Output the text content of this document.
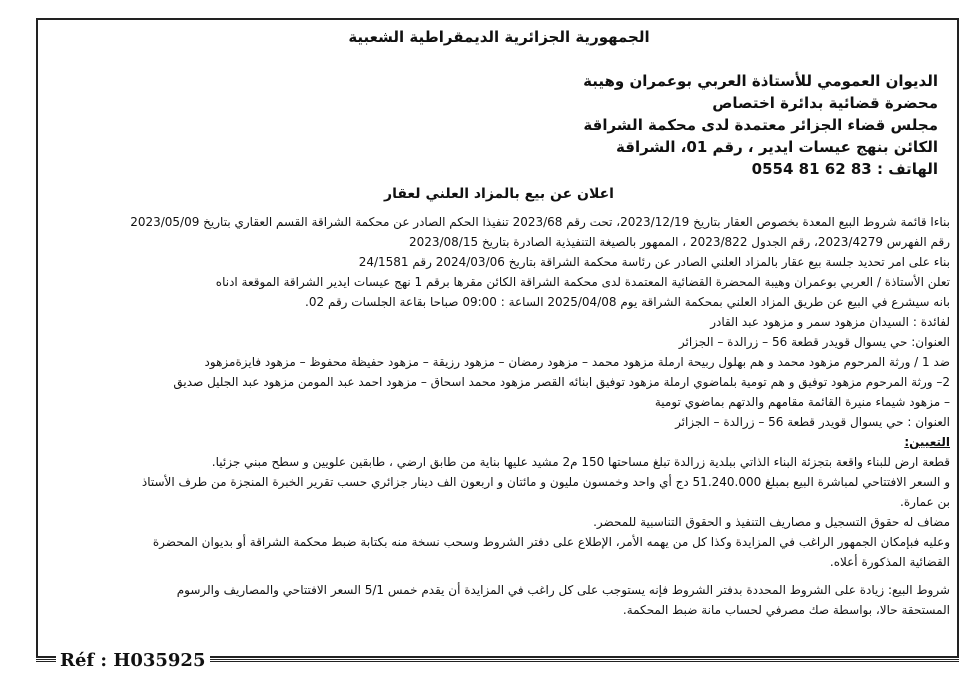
الجمهورية الجزائرية الديمقراطية الشعبية
الديوان العمومي للأستاذة العربي بوعمران وهيبة
محضرة قضائية بدائرة اختصاص
مجلس قضاء الجزائر معتمدة لدى محكمة الشراقة
الكائن بنهج عيسات ايدير ، رقم 01، الشراقة
الهاتف : 83 62 81 0554
اعلان عن بيع بالمزاد العلني لعقار
بناءا قائمة شروط البيع المعدة بخصوص العقار بتاريخ 2023/12/19، تحت رقم 2023/68 تنفيذا الحكم الصادر عن محكمة الشراقة القسم العقاري بتاريخ 2023/05/09
رقم الفهرس 2023/4279، رقم الجدول 2023/822 ، الممهور بالصيغة التنفيذية الصادرة بتاريخ 2023/08/15
بناء على امر تحديد جلسة بيع عقار بالمزاد العلني الصادر عن رئاسة محكمة الشراقة بتاريخ 2024/03/06 رقم 24/1581
تعلن الأستاذة / العربي بوعمران وهيبة المحضرة القضائية المعتمدة لدى محكمة الشراقة الكائن مقرها برقم 1 نهج عيسات ايدير الشراقة الموقعة ادناه
بانه سيشرع في البيع عن طريق المزاد العلني بمحكمة الشراقة يوم 2025/04/08 الساعة : 09:00 صباحا بقاعة الجلسات رقم 02.
لفائدة : السيدان مزهود سمر و مزهود عبد القادر
العنوان: حي يسوال قويدر قطعة 56 – زرالدة – الجزائر
ضد 1 / ورثة المرحوم مزهود محمد و هم بهلول ربيحة ارملة مزهود محمد – مزهود رمضان – مزهود رزيقة – مزهود حفيظة محفوظ – مزهود فايزةمزهود
2– ورثة المرحوم مزهود توفيق و هم تومية بلماضوي ارملة مزهود توفيق ابنائه القصر مزهود محمد اسحاق – مزهود احمد عبد المومن مزهود عبد الجليل صديق
– مزهود شيماء منيرة القائمة مقامهم والدتهم بماضوي تومية
العنوان : حي يسوال قويدر قطعة 56 – زرالدة – الجزائر
التعيين:
قطعة ارض للبناء واقعة بتجزئة البناء الذاتي ببلدية زرالدة تبلغ مساحتها 150 م2 مشيد عليها بناية من طابق ارضي ، طابقين علويين و سطح مبني جزئيا.
و السعر الافتتاحي لمباشرة البيع بمبلغ 51.240.000 دج أي واحد وخمسون مليون و مائتان و اربعون الف دينار جزائري حسب تقرير الخبرة المنجزة من طرف الأستاذ
بن عمارة.
مضاف له حقوق التسجيل و مصاريف التنفيذ و الحقوق التناسبية للمحضر.
وعليه فبإمكان الجمهور الراغب في المزايدة وكذا كل من يهمه الأمر، الإطلاع على دفتر الشروط وسحب نسخة منه بكتابة ضبط محكمة الشراقة أو بديوان المحضرة
القضائية المذكورة أعلاه.
شروط البيع: زيادة على الشروط المحددة بدفتر الشروط فإنه يستوجب على كل راغب في المزايدة أن يقدم خمس 5/1 السعر الافتتاحي والمصاريف والرسوم
المستحقة حالا، بواسطة صك مصرفي لحساب مانة ضبط المحكمة.
Réf : H035925
